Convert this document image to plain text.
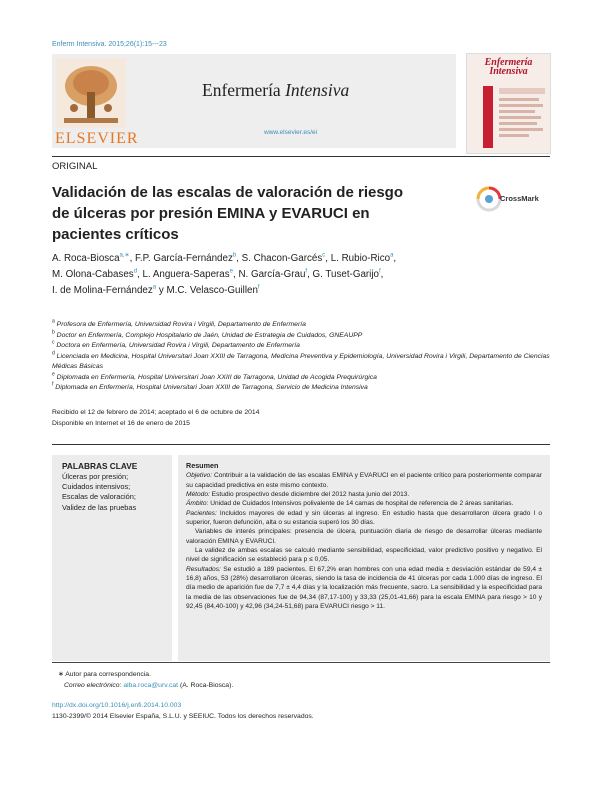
Enferm Intensiva. 2015;26(1):15---23
ELSEVIER
Enfermería Intensiva
www.elsevier.es/ei
Enfermería
Intensiva
ORIGINAL
Validación de las escalas de valoración de riesgo de úlceras por presión EMINA y EVARUCI en pacientes críticos
CrossMark
A. Roca-Biosca$^{a,∗}$, F.P. García-Fernández$^b$, S. Chacon-Garcés$^c$, L. Rubio-Rico$^a$,
M. Olona-Cabases$^d$, L. Anguera-Saperas$^e$, N. García-Grau$^f$, G. Tuset-Garijo$^f$,
I. de Molina-Fernández$^a$ y M.C. Velasco-Guillen$^f$
$^a$ Profesora de Enfermería, Universidad Rovira i Virgili, Departamento de Enfermería
$^b$ Doctor en Enfermería, Complejo Hospitalario de Jaén, Unidad de Estrategia de Cuidados, GNEAUPP
$^c$ Doctora en Enfermería, Universidad Rovira i Virgili, Departamento de Enfermería
$^d$ Licenciada en Medicina, Hospital Universitari Joan XXIII de Tarragona, Medicina Preventiva y Epidemiología, Universidad Rovira i Virgili, Departamento de Ciencias Médicas Básicas
$^e$ Diplomada en Enfermería, Hospital Universitari Joan XXIII de Tarragona, Unidad de Acogida Prequirúrgica
$^f$ Diplomada en Enfermería, Hospital Universitari Joan XXIII de Tarragona, Servicio de Medicina Intensiva
Recibido el 12 de febrero de 2014; aceptado el 6 de octubre de 2014
Disponible en Internet el 16 de enero de 2015
PALABRAS CLAVE
Úlceras por presión;
Cuidados intensivos;
Escalas de valoración;
Validez de las pruebas

Resumen

Objetivo: Contribuir a la validación de las escalas EMINA y EVARUCI en el paciente crítico para posteriormente comparar su capacidad predictiva en este mismo contexto.

Método: Estudio prospectivo desde diciembre del 2012 hasta junio del 2013.

Ámbito: Unidad de Cuidados Intensivos polivalente de 14 camas de hospital de referencia de 2 áreas sanitarias.

Pacientes: Incluidos mayores de edad y sin úlceras al ingreso. En estudio hasta que desarrollaron úlcera grado I o superior, fueron defunción, alta o su estancia superó los 30 días.

Variables de interés principales: presencia de úlcera, puntuación diaria de riesgo de desarrollar úlceras mediante valoración EMINA y EVARUCI.

La validez de ambas escalas se calculó mediante sensibilidad, especificidad, valor predictivo positivo y negativo. El nivel de significación se estableció para p ≤ 0,05.

Resultados: Se estudió a 189 pacientes. El 67,2% eran hombres con una edad media ± desviación estándar de 59,4 ± 16,8) años, 53 (28%) desarrollaron úlceras, siendo la tasa de incidencia de 41 úlceras por cada 1.000 días de ingreso. El día medio de aparición fue de 7,7 ± 4,4 días y la localización más frecuente, sacro. La sensibilidad y la especificidad para la media de las observaciones fue de 94,34 (87,17-100) y 33,33 (25,01-41,66) para la escala EMINA para riesgo > 10 y 92,45 (84,40-100) y 42,96 (34,24-51,68) para EVARUCI riesgo > 11.

∗ Autor para correspondencia.
Correo electrónico: alba.roca@urv.cat (A. Roca-Biosca).
http://dx.doi.org/10.1016/j.enfi.2014.10.003
1130-2399/© 2014 Elsevier España, S.L.U. y SEEIUC. Todos los derechos reservados.
